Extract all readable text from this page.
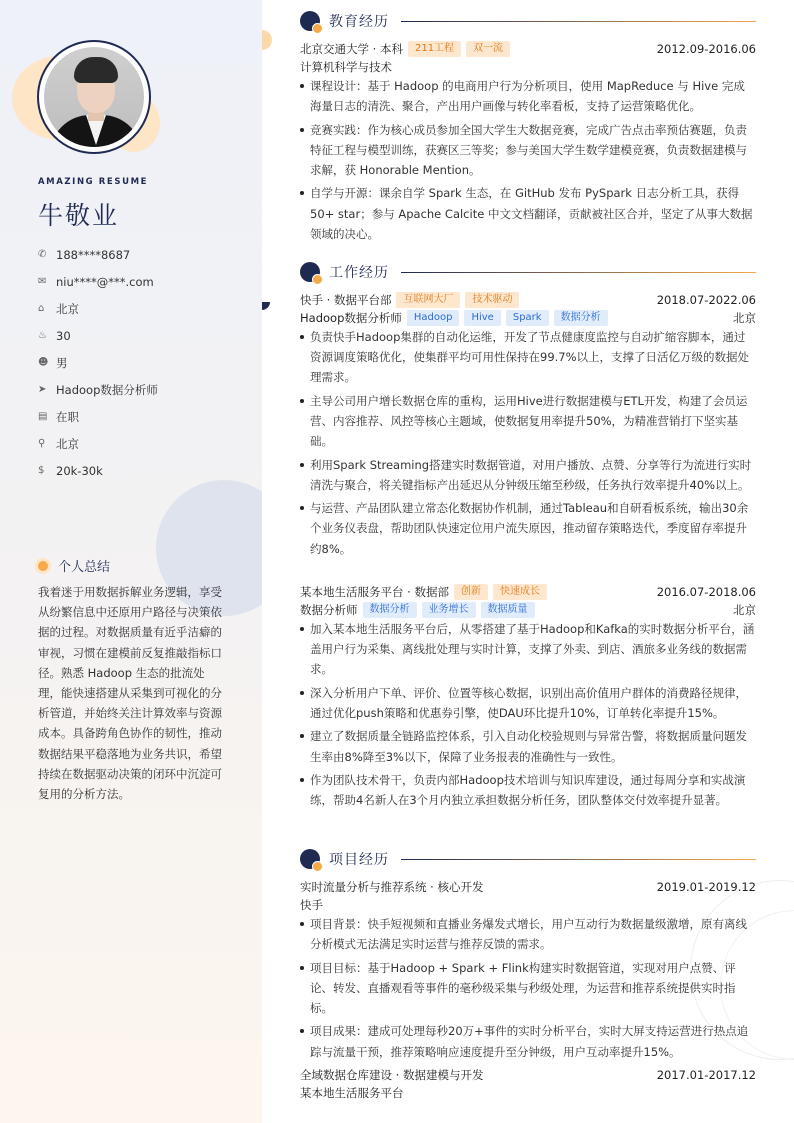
AMAZING RESUME
牛敬业
✆ 188****8687
✉ niu****@***.com
⌂	北京
♨ 30
☻ 男
➤ Hadoop数据分析师
▤ 在职
⚲ 北京
$	20k-30k
个人总结
我着迷于用数据拆解业务逻辑，享受从纷繁信息中还原用户路径与决策依据的过程。对数据质量有近乎洁癖的审视，习惯在建模前反复推敲指标口径。熟悉 Hadoop 生态的批流处理，能快速搭建从采集到可视化的分析管道，并始终关注计算效率与资源成本。具备跨角色协作的韧性，推动数据结果平稳落地为业务共识，希望持续在数据驱动决策的闭环中沉淀可复用的分析方法。
教育经历
北京交通大学 · 本科	211工程	双一流	2012.09-2016.06
计算机科学与技术
课程设计：基于 Hadoop 的电商用户行为分析项目，使用 MapReduce 与 Hive 完成海量日志的清洗、聚合，产出用户画像与转化率看板，支持了运营策略优化。
竞赛实践：作为核心成员参加全国大学生大数据竞赛，完成广告点击率预估赛题，负责特征工程与模型训练，获赛区三等奖；参与美国大学生数学建模竞赛，负责数据建模与求解，获 Honorable Mention。
自学与开源：课余自学 Spark 生态，在 GitHub 发布 PySpark 日志分析工具，获得 50+ star；参与 Apache Calcite 中文文档翻译，贡献被社区合并，坚定了从事大数据领域的决心。
工作经历
快手 · 数据平台部	互联网大厂	技术驱动	2018.07-2022.06
Hadoop数据分析师	Hadoop	Hive	Spark	数据分析	北京
负责快手Hadoop集群的自动化运维，开发了节点健康度监控与自动扩缩容脚本，通过资源调度策略优化，使集群平均可用性保持在99.7%以上，支撑了日活亿万级的数据处理需求。
主导公司用户增长数据仓库的重构，运用Hive进行数据建模与ETL开发，构建了会员运营、内容推荐、风控等核心主题域，使数据复用率提升50%，为精准营销打下坚实基础。
利用Spark Streaming搭建实时数据管道，对用户播放、点赞、分享等行为流进行实时清洗与聚合，将关键指标产出延迟从分钟级压缩至秒级，任务执行效率提升40%以上。
与运营、产品团队建立常态化数据协作机制，通过Tableau和自研看板系统，输出30余个业务仪表盘，帮助团队快速定位用户流失原因，推动留存策略迭代，季度留存率提升约8%。
某本地生活服务平台 · 数据部	创新	快速成长	2016.07-2018.06
数据分析师	数据分析	业务增长	数据质量	北京
加入某本地生活服务平台后，从零搭建了基于Hadoop和Kafka的实时数据分析平台，涵盖用户行为采集、离线批处理与实时计算，支撑了外卖、到店、酒旅多业务线的数据需求。
深入分析用户下单、评价、位置等核心数据，识别出高价值用户群体的消费路径规律，通过优化push策略和优惠券引擎，使DAU环比提升10%，订单转化率提升15%。
建立了数据质量全链路监控体系，引入自动化校验规则与异常告警，将数据质量问题发生率由8%降至3%以下，保障了业务报表的准确性与一致性。
作为团队技术骨干，负责内部Hadoop技术培训与知识库建设，通过每周分享和实战演练，帮助4名新人在3个月内独立承担数据分析任务，团队整体交付效率提升显著。
项目经历
实时流量分析与推荐系统 · 核心开发	2019.01-2019.12
快手
项目背景：快手短视频和直播业务爆发式增长，用户互动行为数据量级激增，原有离线分析模式无法满足实时运营与推荐反馈的需求。
项目目标：基于Hadoop + Spark + Flink构建实时数据管道，实现对用户点赞、评论、转发、直播观看等事件的毫秒级采集与秒级处理，为运营和推荐系统提供实时指标。
项目成果：建成可处理每秒20万+事件的实时分析平台，实时大屏支持运营进行热点追踪与流量干预，推荐策略响应速度提升至分钟级，用户互动率提升15%。
全域数据仓库建设 · 数据建模与开发	2017.01-2017.12
某本地生活服务平台
